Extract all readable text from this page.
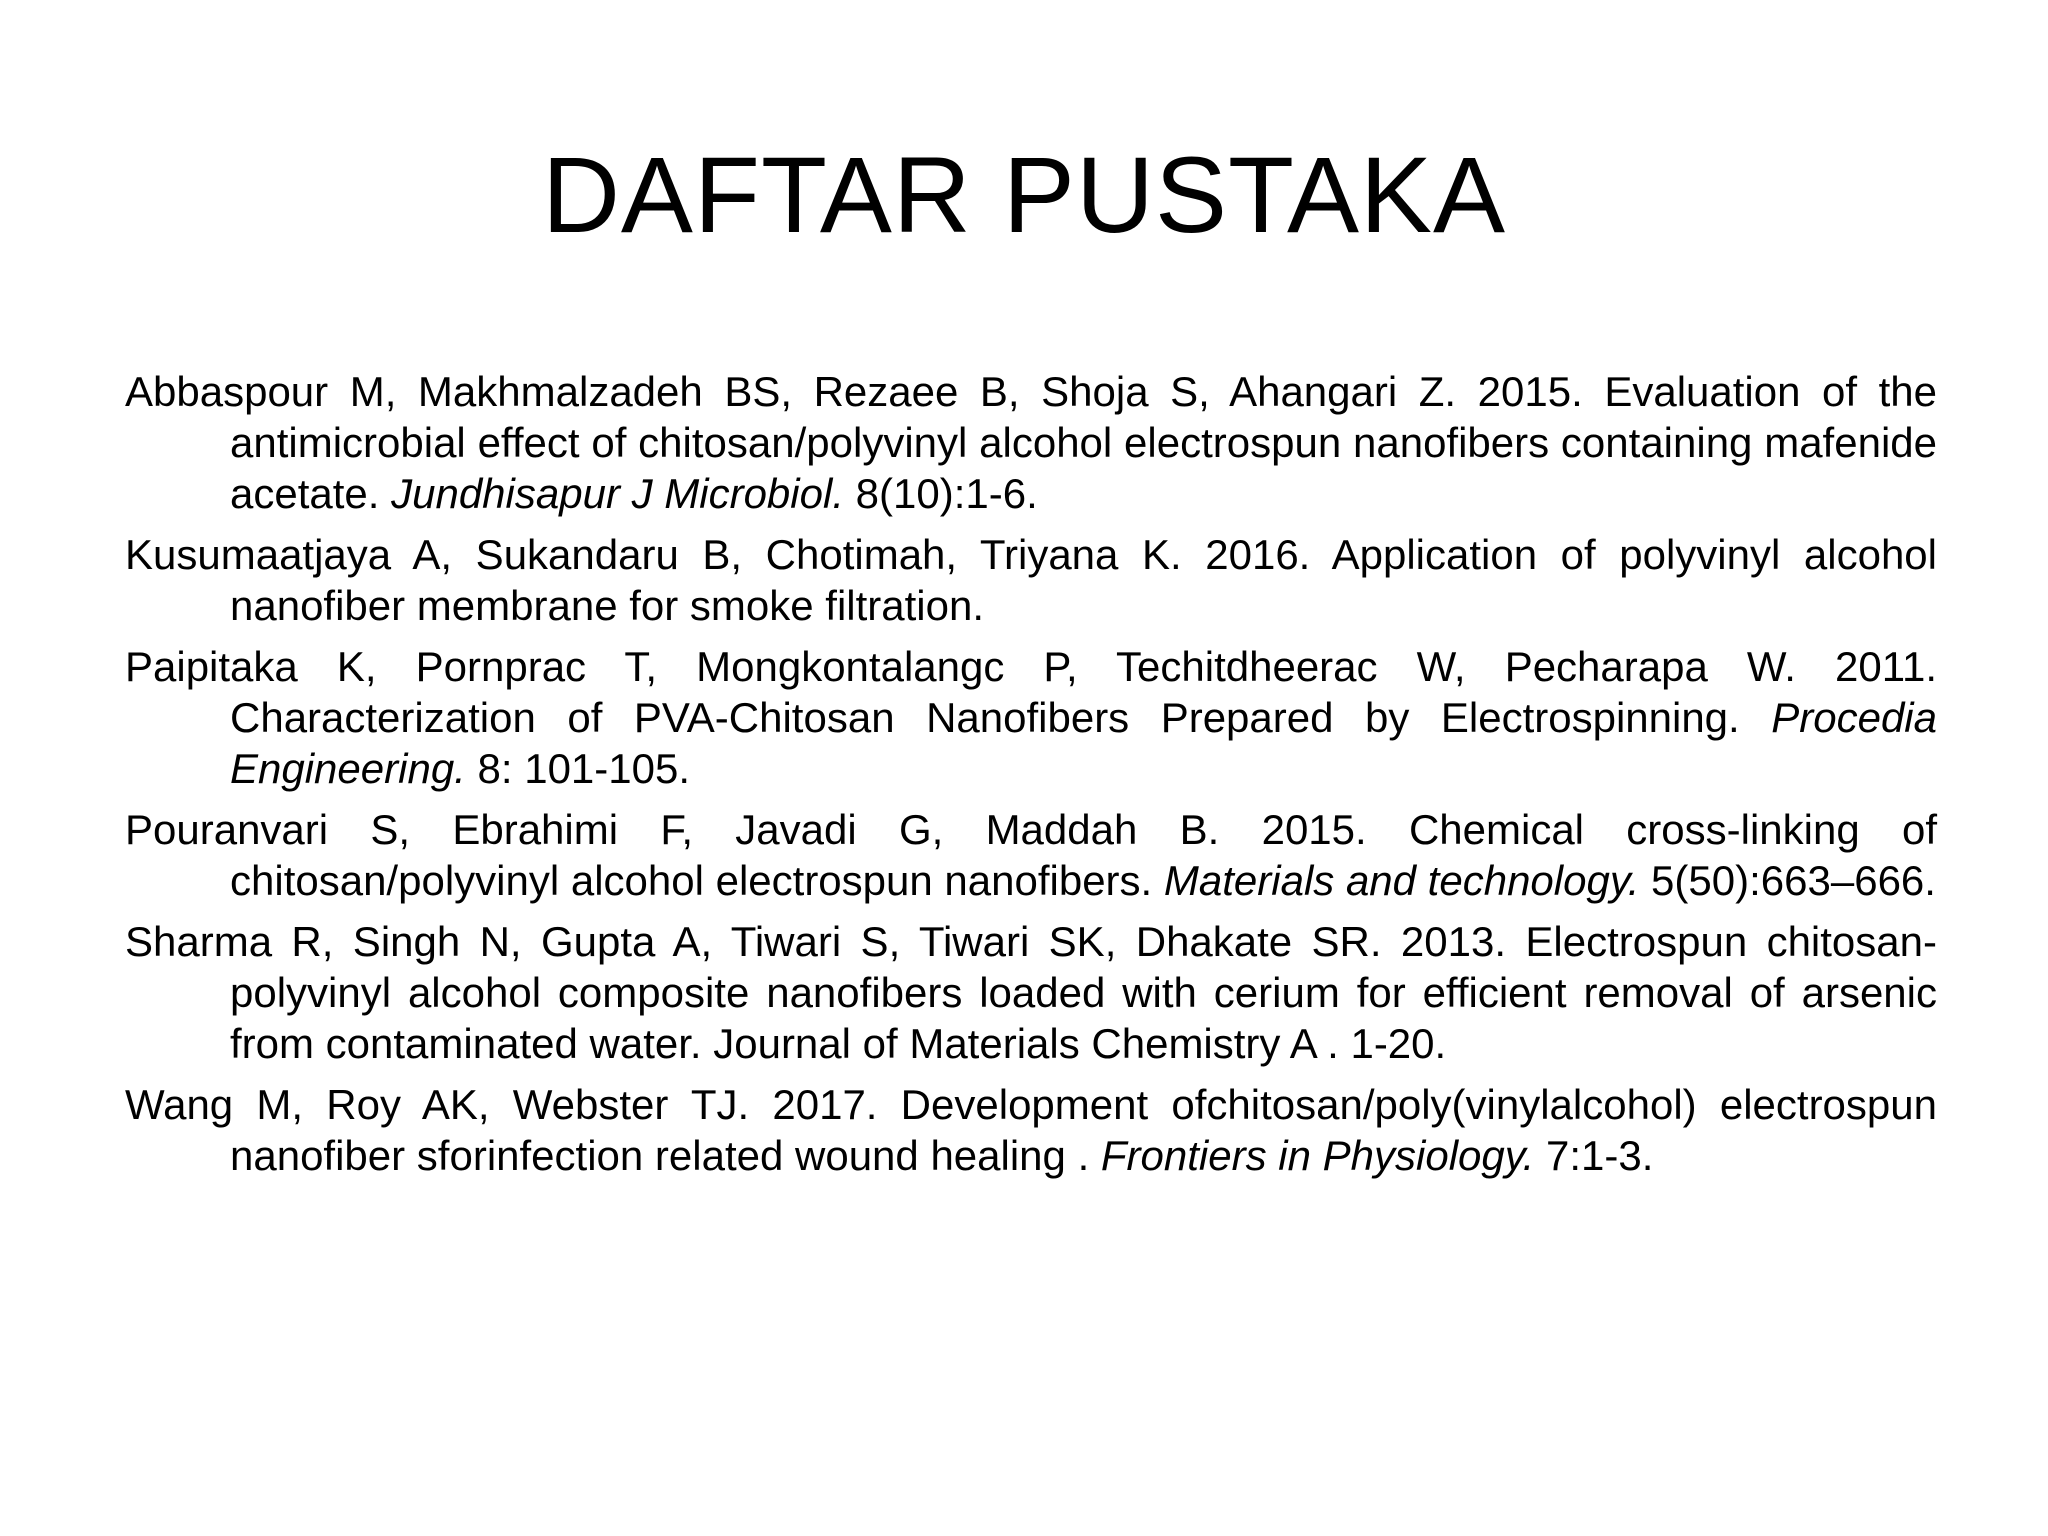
DAFTAR PUSTAKA
Abbaspour M, Makhmalzadeh BS, Rezaee B, Shoja S, Ahangari Z. 2015. Evaluation of the antimicrobial effect of chitosan/polyvinyl alcohol electrospun nanofibers containing mafenide acetate. Jundhisapur J Microbiol. 8(10):1-6.
Kusumaatjaya A, Sukandaru B, Chotimah, Triyana K. 2016. Application of polyvinyl alcohol nanofiber membrane for smoke filtration.
Paipitaka K, Pornprac T, Mongkontalangc P, Techitdheerac W, Pecharapa W. 2011. Characterization of PVA-Chitosan Nanofibers Prepared by Electrospinning. Procedia Engineering. 8: 101-105.
Pouranvari S, Ebrahimi F, Javadi G, Maddah B. 2015. Chemical cross-linking of chitosan/polyvinyl alcohol electrospun nanofibers. Materials and technology. 5(50):663–666.
Sharma R, Singh N, Gupta A, Tiwari S, Tiwari SK, Dhakate SR. 2013. Electrospun chitosan-polyvinyl alcohol composite nanofibers loaded with cerium for efficient removal of arsenic from contaminated water. Journal of Materials Chemistry A . 1-20.
Wang M, Roy AK, Webster TJ. 2017. Development ofchitosan/poly(vinylalcohol) electrospun nanofiber sforinfection related wound healing . Frontiers in Physiology. 7:1-3.
